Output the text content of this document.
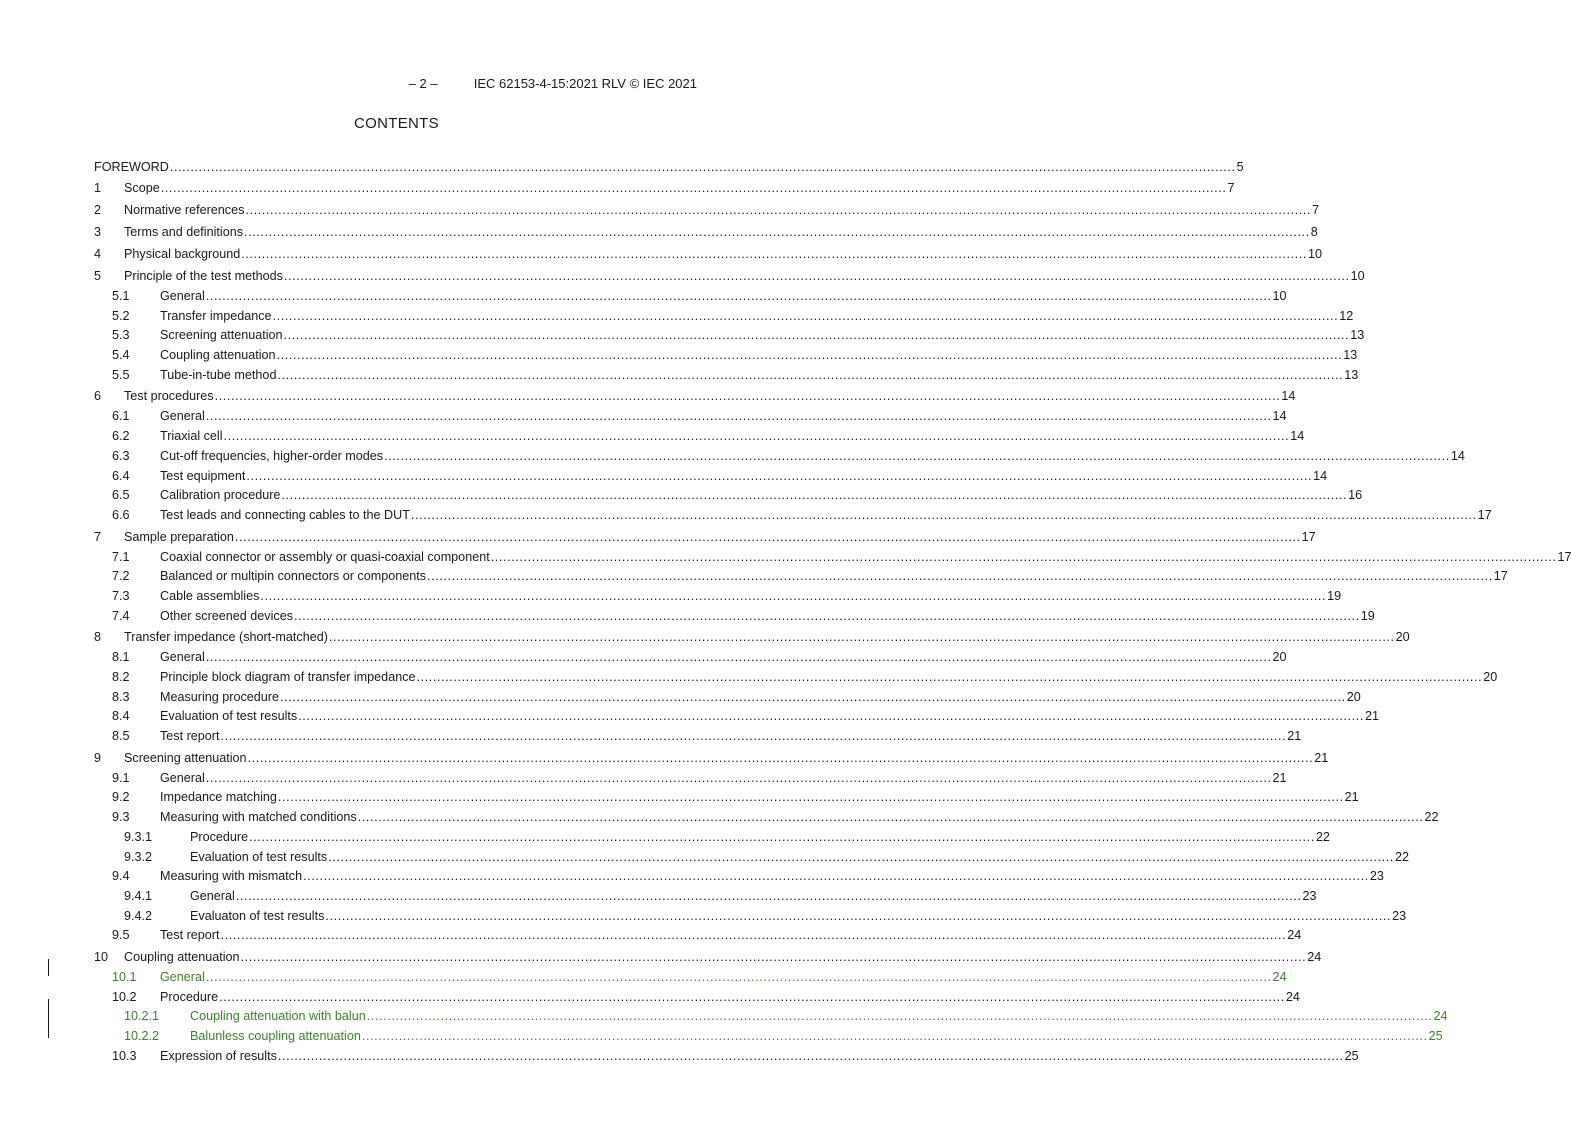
– 2 –	IEC 62153-4-15:2021 RLV © IEC 2021
CONTENTS
FOREWORD .................................................................................................................................................................................................................................................................... 5
1 Scope .................................................................................................................................................................................................................................................................... 7
2 Normative references .................................................................................................................................................................................................................................................................... 7
3 Terms and definitions .................................................................................................................................................................................................................................................................... 8
4 Physical background .................................................................................................................................................................................................................................................................... 10
5 Principle of the test methods .................................................................................................................................................................................................................................................................... 10
5.1 General .................................................................................................................................................................................................................................................................... 10
5.2 Transfer impedance .................................................................................................................................................................................................................................................................... 12
5.3 Screening attenuation .................................................................................................................................................................................................................................................................... 13
5.4 Coupling attenuation .................................................................................................................................................................................................................................................................... 13
5.5 Tube-in-tube method .................................................................................................................................................................................................................................................................... 13
6 Test procedures .................................................................................................................................................................................................................................................................... 14
6.1 General .................................................................................................................................................................................................................................................................... 14
6.2 Triaxial cell .................................................................................................................................................................................................................................................................... 14
6.3 Cut-off frequencies, higher-order modes .................................................................................................................................................................................................................................................................... 14
6.4 Test equipment .................................................................................................................................................................................................................................................................... 14
6.5 Calibration procedure .................................................................................................................................................................................................................................................................... 16
6.6 Test leads and connecting cables to the DUT .................................................................................................................................................................................................................................................................... 17
7 Sample preparation .................................................................................................................................................................................................................................................................... 17
7.1 Coaxial connector or assembly or quasi-coaxial component .................................................................................................................................................................................................................................................................... 17
7.2 Balanced or multipin connectors or components .................................................................................................................................................................................................................................................................... 17
7.3 Cable assemblies .................................................................................................................................................................................................................................................................... 19
7.4 Other screened devices .................................................................................................................................................................................................................................................................... 19
8 Transfer impedance (short-matched) .................................................................................................................................................................................................................................................................... 20
8.1 General .................................................................................................................................................................................................................................................................... 20
8.2 Principle block diagram of transfer impedance .................................................................................................................................................................................................................................................................... 20
8.3 Measuring procedure .................................................................................................................................................................................................................................................................... 20
8.4 Evaluation of test results .................................................................................................................................................................................................................................................................... 21
8.5 Test report .................................................................................................................................................................................................................................................................... 21
9 Screening attenuation .................................................................................................................................................................................................................................................................... 21
9.1 General .................................................................................................................................................................................................................................................................... 21
9.2 Impedance matching .................................................................................................................................................................................................................................................................... 21
9.3 Measuring with matched conditions .................................................................................................................................................................................................................................................................... 22
9.3.1	Procedure .................................................................................................................................................................................................................................................................... 22
9.3.2	Evaluation of test results .................................................................................................................................................................................................................................................................... 22
9.4 Measuring with mismatch .................................................................................................................................................................................................................................................................... 23
9.4.1	General .................................................................................................................................................................................................................................................................... 23
9.4.2	Evaluaton of test results .................................................................................................................................................................................................................................................................... 23
9.5 Test report .................................................................................................................................................................................................................................................................... 24
10 Coupling attenuation .................................................................................................................................................................................................................................................................... 24
10.1 General .................................................................................................................................................................................................................................................................... 24
10.2 Procedure .................................................................................................................................................................................................................................................................... 24
10.2.1 Coupling attenuation with balun .................................................................................................................................................................................................................................................................... 24
10.2.2 Balunless coupling attenuation .................................................................................................................................................................................................................................................................... 25
10.3 Expression of results .................................................................................................................................................................................................................................................................... 25
